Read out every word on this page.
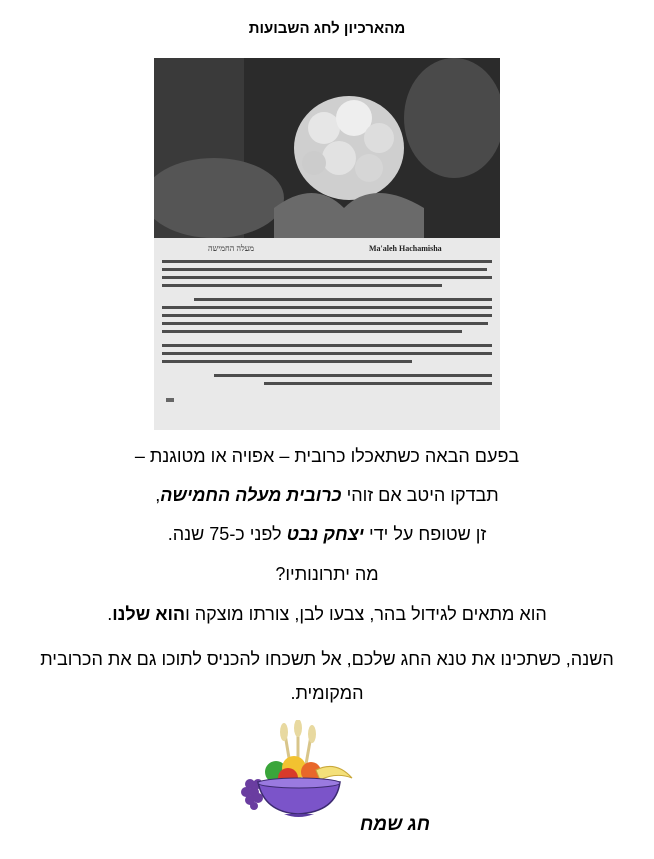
מהארכיון לחג השבועות
Ma'aleh Hachamisha
מעלה החמישה
בפעם הבאה כשתאכלו כרובית – אפויה או מטוגנת –
תבדקו היטב אם זוהי כרובית מעלה החמישה,
זן שטופח על ידי יצחק נבט לפני כ-75 שנה.
מה יתרונותיו?
הוא מתאים לגידול בהר, צבעו לבן, צורתו מוצקה והוא שלנו.
השנה, כשתכינו את טנא החג שלכם, אל תשכחו להכניס לתוכו גם את הכרובית המקומית.
חג שמח
